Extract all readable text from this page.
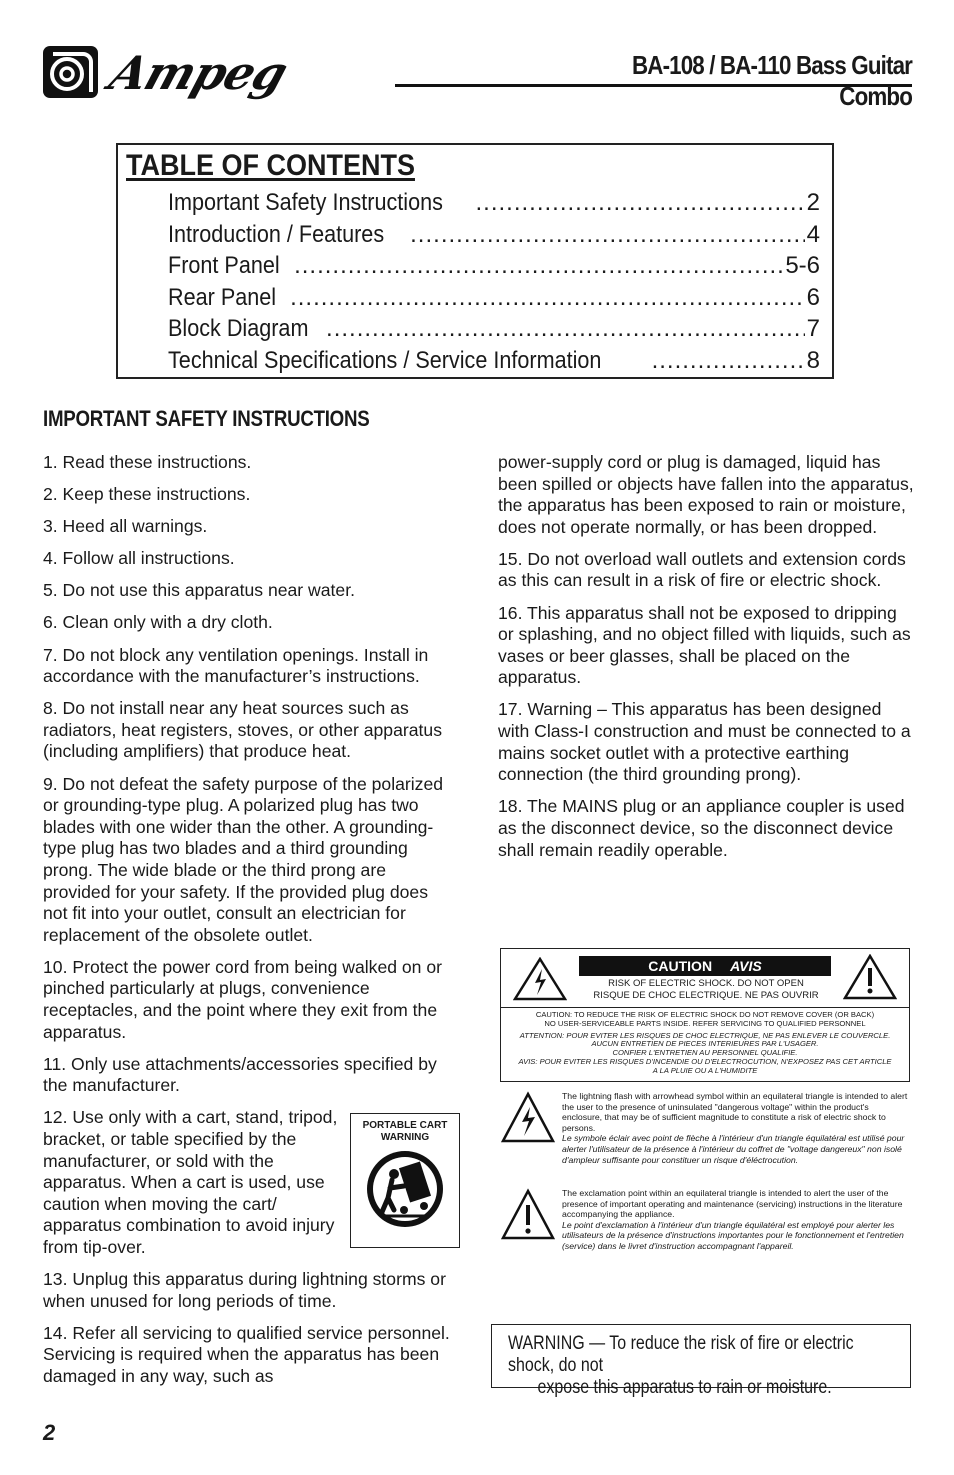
Ampeg	BA-108 / BA-110 Bass Guitar Combo
TABLE OF CONTENTS
Important Safety Instructions .....	2
Introduction / Features .....	4
Front Panel .....	5-6
Rear Panel .....	6
Block Diagram .....	7
Technical Specifications / Service Information .....	8
IMPORTANT SAFETY INSTRUCTIONS

1. Read these instructions.

2. Keep these instructions.

3. Heed all warnings.

4. Follow all instructions.

5. Do not use this apparatus near water.

6. Clean only with a dry cloth.

7. Do not block any ventilation openings. Install in accordance with the manufacturer’s instructions.

8. Do not install near any heat sources such as radiators, heat registers, stoves, or other apparatus (including amplifiers) that produce heat.

9. Do not defeat the safety purpose of the polarized or grounding-type plug. A polarized plug has two blades with one wider than the other. A grounding-type plug has two blades and a third grounding prong. The wide blade or the third prong are provided for your safety. If the provided plug does not fit into your outlet, consult an electrician for replacement of the obsolete outlet.

10. Protect the power cord from being walked on or pinched particularly at plugs, convenience receptacles, and the point where they exit from the apparatus.

11. Only use attachments/accessories specified by the manufacturer.

12. Use only with a cart, stand, tripod, bracket, or table specified by the manufacturer, or sold with the apparatus. When a cart is used, use caution when moving the cart/ apparatus combination to avoid injury from tip-over.

13. Unplug this apparatus during lightning storms or when unused for long periods of time.

14. Refer all servicing to qualified service personnel. Servicing is required when the apparatus has been damaged in any way, such as

PORTABLE CART
WARNING

power-supply cord or plug is damaged, liquid has been spilled or objects have fallen into the apparatus, the apparatus has been exposed to rain or moisture, does not operate normally, or has been dropped.

15. Do not overload wall outlets and extension cords as this can result in a risk of fire or electric shock.

16. This apparatus shall not be exposed to dripping or splashing, and no object filled with liquids, such as vases or beer glasses, shall be placed on the apparatus.

17. Warning – This apparatus has been designed with Class-I construction and must be connected to a mains socket outlet with a protective earthing connection (the third grounding prong).

18. The MAINS plug or an appliance coupler is used as the disconnect device, so the disconnect device shall remain readily operable.

CAUTION AVIS
RISK OF ELECTRIC SHOCK. DO NOT OPEN
RISQUE DE CHOC ELECTRIQUE. NE PAS OUVRIR
CAUTION: TO REDUCE THE RISK OF ELECTRIC SHOCK DO NOT REMOVE COVER (OR BACK)
NO USER-SERVICEABLE PARTS INSIDE. REFER SERVICING TO QUALIFIED PERSONNEL
ATTENTION: POUR EVITER LES RISQUES DE CHOC ELECTRIQUE, NE PAS ENLEVER LE COUVERCLE.
AUCUN ENTRETIEN DE PIECES INTERIEURES PAR L'USAGER.
CONFIER L'ENTRETIEN AU PERSONNEL QUALIFIE.
AVIS: POUR EVITER LES RISQUES D'INCENDIE OU D'ELECTROCUTION, N'EXPOSEZ PAS CET ARTICLE
A LA PLUIE OU A L'HUMIDITE
The lightning flash with arrowhead symbol within an equilateral triangle is intended to alert the user to the presence of uninsulated "dangerous voltage" within the product's enclosure, that may be of sufficient magnitude to constitute a risk of electric shock to persons.
Le symbole éclair avec point de flèche à l'intérieur d'un triangle équilatéral est utilisé pour alerter l'utilisateur de la présence à l'intérieur du coffret de "voltage dangereux" non isolé d'ampleur suffisante pour constituer un risque d'éléctrocution.
The exclamation point within an equilateral triangle is intended to alert the user of the presence of important operating and maintenance (servicing) instructions in the literature accompanying the appliance.
Le point d'exclamation à l'intérieur d'un triangle équilatéral est employé pour alerter les utilisateurs de la présence d'instructions importantes pour le fonctionnement et l'entretien (service) dans le livret d'instruction accompagnant l'appareil.
WARNING — To reduce the risk of fire or electric shock, do not
expose this apparatus to rain or moisture.
2
